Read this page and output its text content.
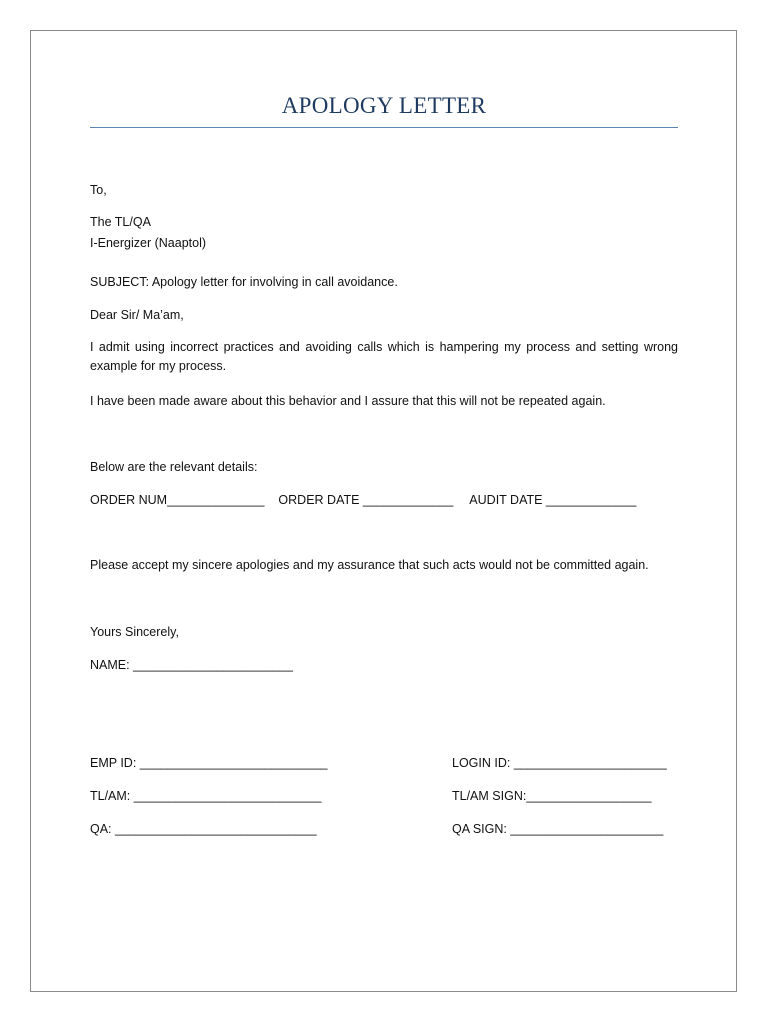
APOLOGY LETTER
To,
The TL/QA
I-Energizer (Naaptol)
SUBJECT: Apology letter for involving in call avoidance.
Dear Sir/ Ma’am,
I admit using incorrect practices and avoiding calls which is hampering my process and setting wrong example for my process.
I have been made aware about this behavior and I assure that this will not be repeated again.
Below are the relevant details:
ORDER NUM______________ ORDER DATE _____________ AUDIT DATE _____________
Please accept my sincere apologies and my assurance that such acts would not be committed again.
Yours Sincerely,
NAME: _______________________
EMP ID: ___________________________	LOGIN ID: ______________________
TL/AM: ___________________________	TL/AM SIGN:__________________
QA: _____________________________	QA SIGN: ______________________
